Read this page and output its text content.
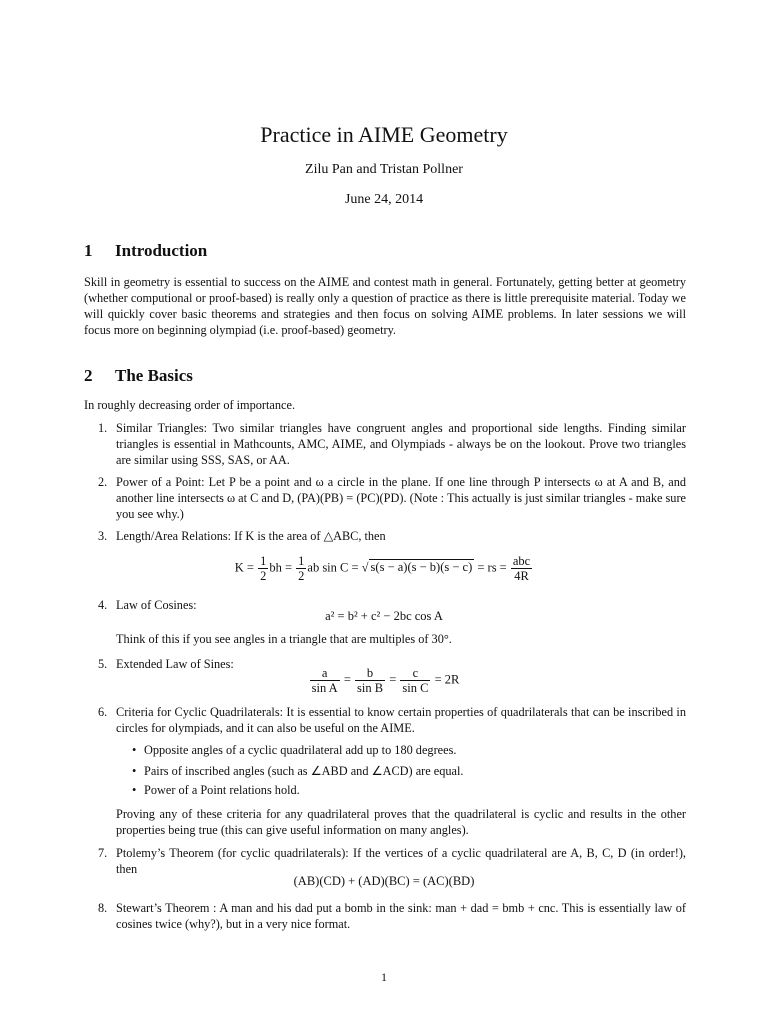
Practice in AIME Geometry
Zilu Pan and Tristan Pollner
June 24, 2014
1 Introduction
Skill in geometry is essential to success on the AIME and contest math in general. Fortunately, getting better at geometry (whether computional or proof-based) is really only a question of practice as there is little prerequisite material. Today we will quickly cover basic theorems and strategies and then focus on solving AIME problems. In later sessions we will focus more on beginning olympiad (i.e. proof-based) geometry.
2 The Basics
In roughly decreasing order of importance.
1. Similar Triangles: Two similar triangles have congruent angles and proportional side lengths. Finding similar triangles is essential in Mathcounts, AMC, AIME, and Olympiads - always be on the lookout. Prove two triangles are similar using SSS, SAS, or AA.
2. Power of a Point: Let P be a point and ω a circle in the plane. If one line through P intersects ω at A and B, and another line intersects ω at C and D, (PA)(PB) = (PC)(PD). (Note : This actually is just similar triangles - make sure you see why.)
3. Length/Area Relations: If K is the area of △ABC, then
$K = \frac{1}{2}$ bh = $\frac{1}{2}$ ab sin C = √ s(s − a)(s − b)(s − c) = rs = $\frac{\text{abc}}{4R}$
4. Law of Cosines:
a² = b² + c² − 2bc cos A
Think of this if you see angles in a triangle that are multiples of 30°.
5. Extended Law of Sines:
$\frac{a}{\text{sin A}} = \frac{b}{\text{sin B}} = \frac{c}{\text{sin C}} = 2R$
6. Criteria for Cyclic Quadrilaterals: It is essential to know certain properties of quadrilaterals that can be inscribed in circles for olympiads, and it can also be useful on the AIME.
• Opposite angles of a cyclic quadrilateral add up to 180 degrees.
• Pairs of inscribed angles (such as ∠ABD and ∠ACD) are equal.
• Power of a Point relations hold.
Proving any of these criteria for any quadrilateral proves that the quadrilateral is cyclic and results in the other properties being true (this can give useful information on many angles).
7. Ptolemy’s Theorem (for cyclic quadrilaterals): If the vertices of a cyclic quadrilateral are A, B, C, D (in order!), then
(AB)(CD) + (AD)(BC) = (AC)(BD)
8. Stewart’s Theorem : A man and his dad put a bomb in the sink: man + dad = bmb + cnc. This is essentially law of cosines twice (why?), but in a very nice format.
1
